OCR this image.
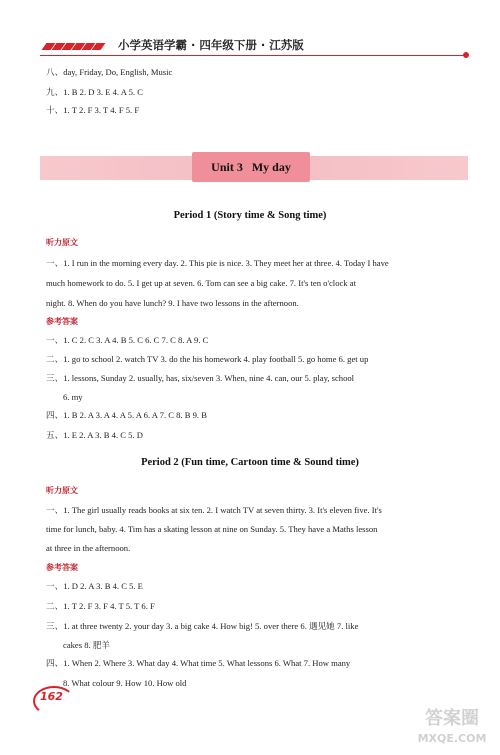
小学英语学霸 · 四年级下册 · 江苏版
八、day, Friday, Do, English, Music
九、1. B 2. D 3. E 4. A 5. C
十、1. T 2. F 3. T 4. F 5. F
Unit 3   My day
Period 1 (Story time & Song time)
听力原文
一、1. I run in the morning every day. 2. This pie is nice. 3. They meet her at three. 4. Today I have
much homework to do. 5. I get up at seven. 6. Tom can see a big cake. 7. It's ten o'clock at
night. 8. When do you have lunch? 9. I have two lessons in the afternoon.
参考答案
一、1. C 2. C 3. A 4. B 5. C 6. C 7. C 8. A 9. C
二、1. go to school 2. watch TV 3. do the his homework 4. play football 5. go home 6. get up
三、1. lessons, Sunday 2. usually, has, six/seven 3. When, nine 4. can, our 5. play, school
6. my
四、1. B 2. A 3. A 4. A 5. A 6. A 7. C 8. B 9. B
五、1. E 2. A 3. B 4. C 5. D
Period 2 (Fun time, Cartoon time & Sound time)
听力原文
一、1. The girl usually reads books at six ten. 2. I watch TV at seven thirty. 3. It's eleven five. It's
time for lunch, baby. 4. Tim has a skating lesson at nine on Sunday. 5. They have a Maths lesson
at three in the afternoon.
参考答案
一、1. D 2. A 3. B 4. C 5. E
二、1. T 2. F 3. F 4. T 5. T 6. F
三、1. at three twenty 2. your day 3. a big cake 4. How big! 5. over there 6. 遇见她 7. like
cakes 8. 肥羊
四、1. When 2. Where 3. What day 4. What time 5. What lessons 6. What 7. How many
8. What colour 9. How 10. How old
162
答案圈
MXQE.COM
